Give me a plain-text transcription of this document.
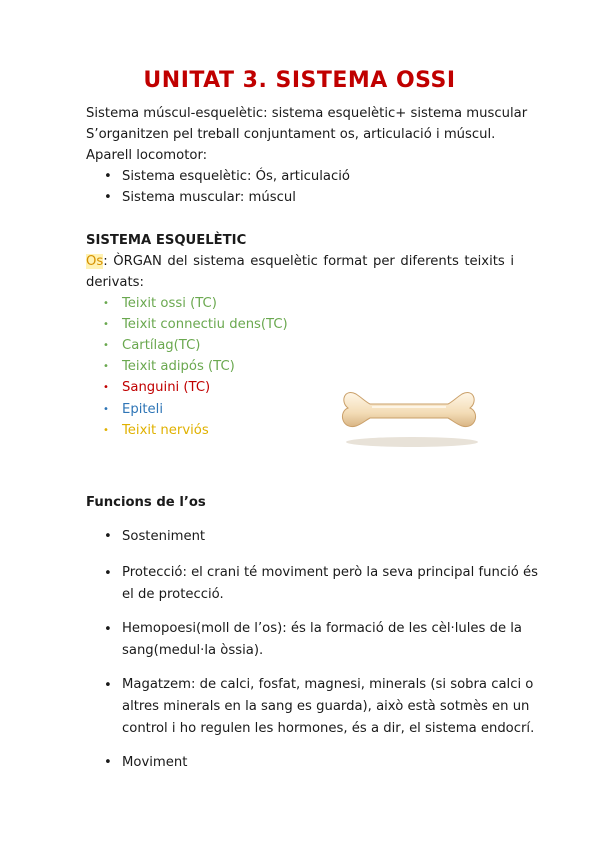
UNITAT 3. SISTEMA OSSI
Sistema múscul-esquelètic: sistema esquelètic+ sistema muscular
S’organitzen pel treball conjuntament os, articulació i múscul.
Aparell locomotor:
• Sistema esquelètic: Ós, articulació
• Sistema muscular: múscul
SISTEMA ESQUELÈTIC
Os: ÒRGAN del sistema esquelètic format per diferents teixits i
derivats:
• Teixit ossi (TC)
• Teixit connectiu dens(TC)
• Cartílag(TC)
• Teixit adipós (TC)
• Sanguini (TC)
• Epiteli
• Teixit nerviós
Funcions de l’os
• Sosteniment
• Protecció: el crani té moviment però la seva principal funció és
el de protecció.
• Hemopoesi(moll de l’os): és la formació de les cèl·lules de la
sang(medul·la òssia).
• Magatzem: de calci, fosfat, magnesi, minerals (si sobra calci o
altres minerals en la sang es guarda), això està sotmès en un
control i ho regulen les hormones, és a dir, el sistema endocrí.
• Moviment
